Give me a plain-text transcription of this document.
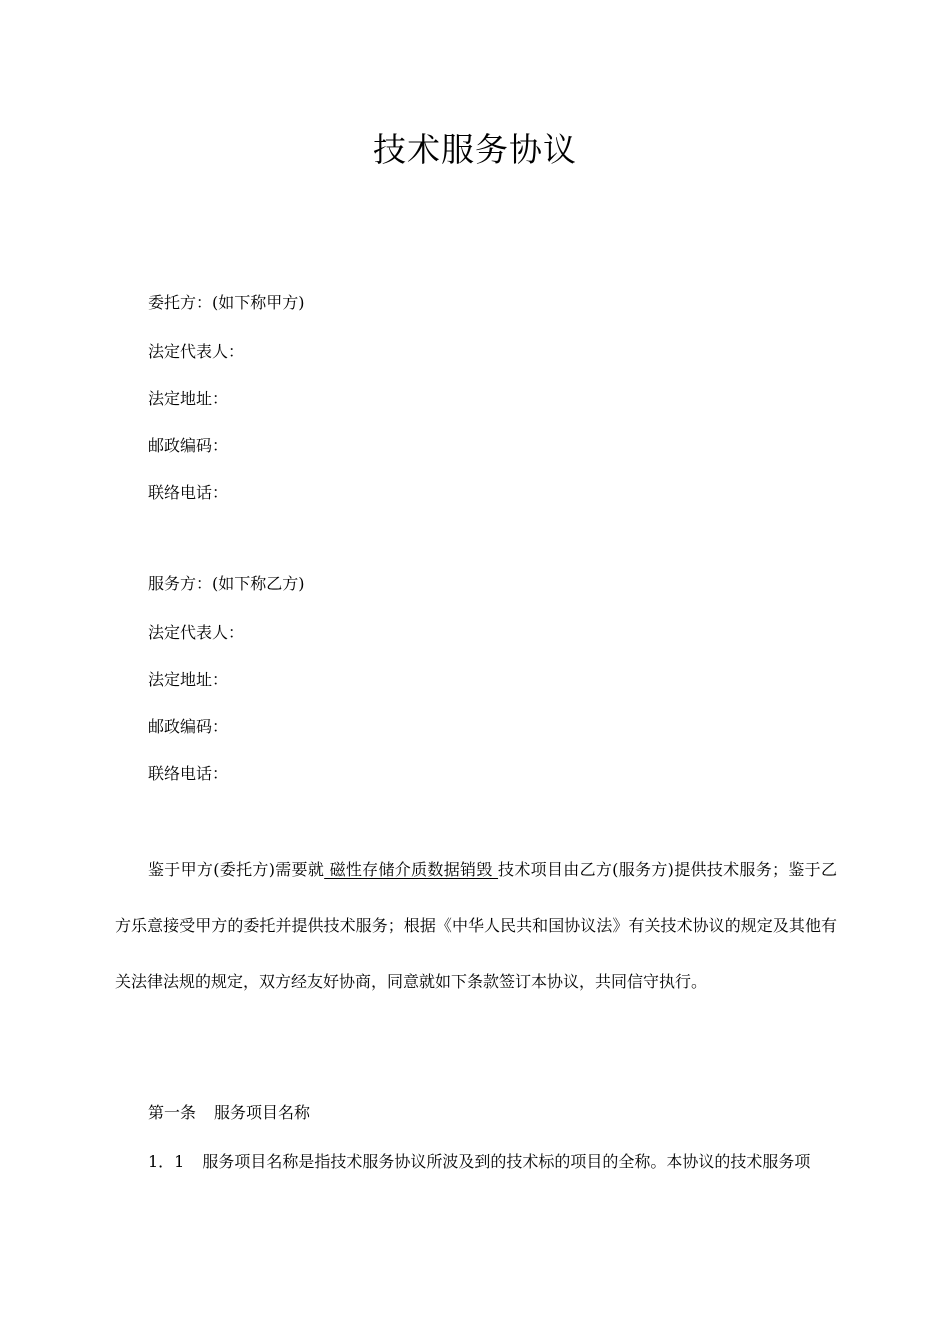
技术服务协议

委托方：(如下称甲方)

法定代表人：

法定地址：

邮政编码：

联络电话：

服务方：(如下称乙方)

法定代表人：

法定地址：

邮政编码：

联络电话：

鉴于甲方(委托方)需要就 磁性存储介质数据销毁 技术项目由乙方(服务方)提供技术服务；鉴于乙方乐意接受甲方的委托并提供技术服务；根据《中华人民共和国协议法》有关技术协议的规定及其他有关法律法规的规定，双方经友好协商，同意就如下条款签订本协议，共同信守执行。

第一条 服务项目名称

1．1 服务项目名称是指技术服务协议所波及到的技术标的项目的全称。本协议的技术服务项
